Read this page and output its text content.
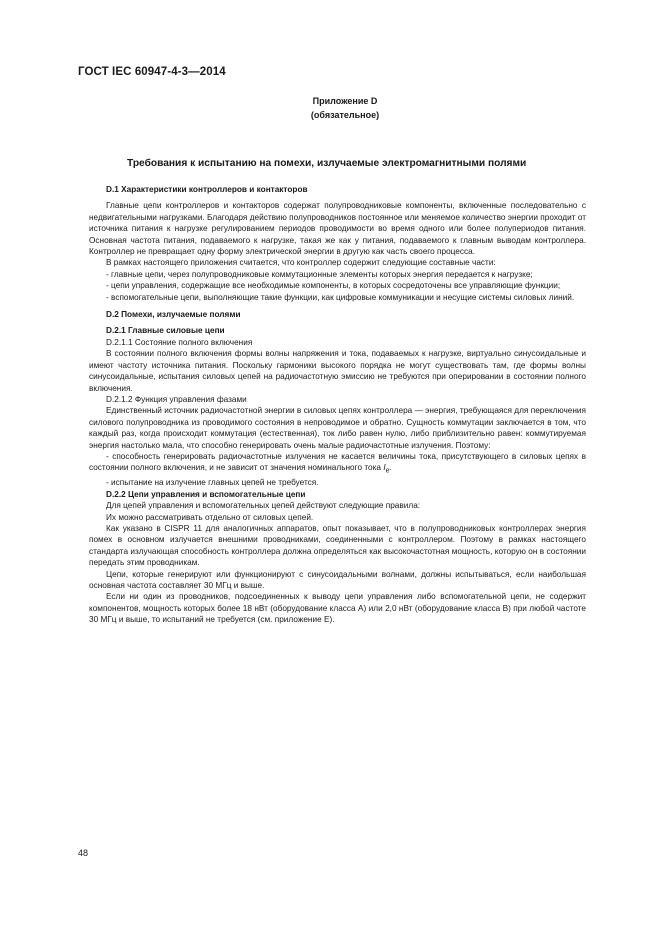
ГОСТ IEC 60947-4-3—2014
Приложение D
(обязательное)
Требования к испытанию на помехи, излучаемые электромагнитными полями

D.1 Характеристики контроллеров и контакторов

Главные цепи контроллеров и контакторов содержат полупроводниковые компоненты, включенные последовательно с недвигательными нагрузками. Благодаря действию полупроводников постоянное или меняемое количество энергии проходит от источника питания к нагрузке регулированием периодов проводимости во время одного или более полупериодов питания. Основная частота питания, подаваемого к нагрузке, такая же как у питания, подаваемого к главным выводам контроллера. Контроллер не превращает одну форму электрической энергии в другую как часть своего процесса.

В рамках настоящего приложения считается, что контроллер содержит следующие составные части:

- главные цепи, через полупроводниковые коммутационные элементы которых энергия передается к нагрузке;

- цепи управления, содержащие все необходимые компоненты, в которых сосредоточены все управляющие функции;

- вспомогательные цепи, выполняющие такие функции, как цифровые коммуникации и несущие системы силовых линий.

D.2 Помехи, излучаемые полями

D.2.1 Главные силовые цепи

D.2.1.1 Состояние полного включения

В состоянии полного включения формы волны напряжения и тока, подаваемых к нагрузке, виртуально синусоидальные и имеют частоту источника питания. Поскольку гармоники высокого порядка не могут существовать там, где формы волны синусоидальные, испытания силовых цепей на радиочастотную эмиссию не требуются при оперировании в состоянии полного включения.

D.2.1.2 Функция управления фазами

Единственный источник радиочастотной энергии в силовых цепях контроллера — энергия, требующаяся для переключения силового полупроводника из проводимого состояния в непроводимое и обратно. Сущность коммутации заключается в том, что каждый раз, когда происходит коммутация (естественная), ток либо равен нулю, либо приблизительно равен: коммутируемая энергия настолько мала, что способно генерировать очень малые радиочастотные излучения. Поэтому:

- способность генерировать радиочастотные излучения не касается величины тока, присутствующего в силовых цепях в состоянии полного включения, и не зависит от значения номинального тока $I_e$.

- испытание на излучение главных цепей не требуется.

D.2.2 Цепи управления и вспомогательные цепи

Для цепей управления и вспомогательных цепей действуют следующие правила:

Их можно рассматривать отдельно от силовых цепей.

Как указано в CISPR 11 для аналогичных аппаратов, опыт показывает, что в полупроводниковых контроллерах энергия помех в основном излучается внешними проводниками, соединенными с контроллером. Поэтому в рамках настоящего стандарта излучающая способность контроллера должна определяться как высокочастотная мощность, которую он в состоянии передать этим проводникам.

Цепи, которые генерируют или функционируют с синусоидальными волнами, должны испытываться, если наибольшая основная частота составляет 30 МГц и выше.

Если ни один из проводников, подсоединенных к выводу цепи управления либо вспомогательной цепи, не содержит компонентов, мощность которых более 18 нВт (оборудование класса А) или 2,0 нВт (оборудование класса В) при любой частоте 30 МГц и выше, то испытаний не требуется (см. приложение Е).

48
